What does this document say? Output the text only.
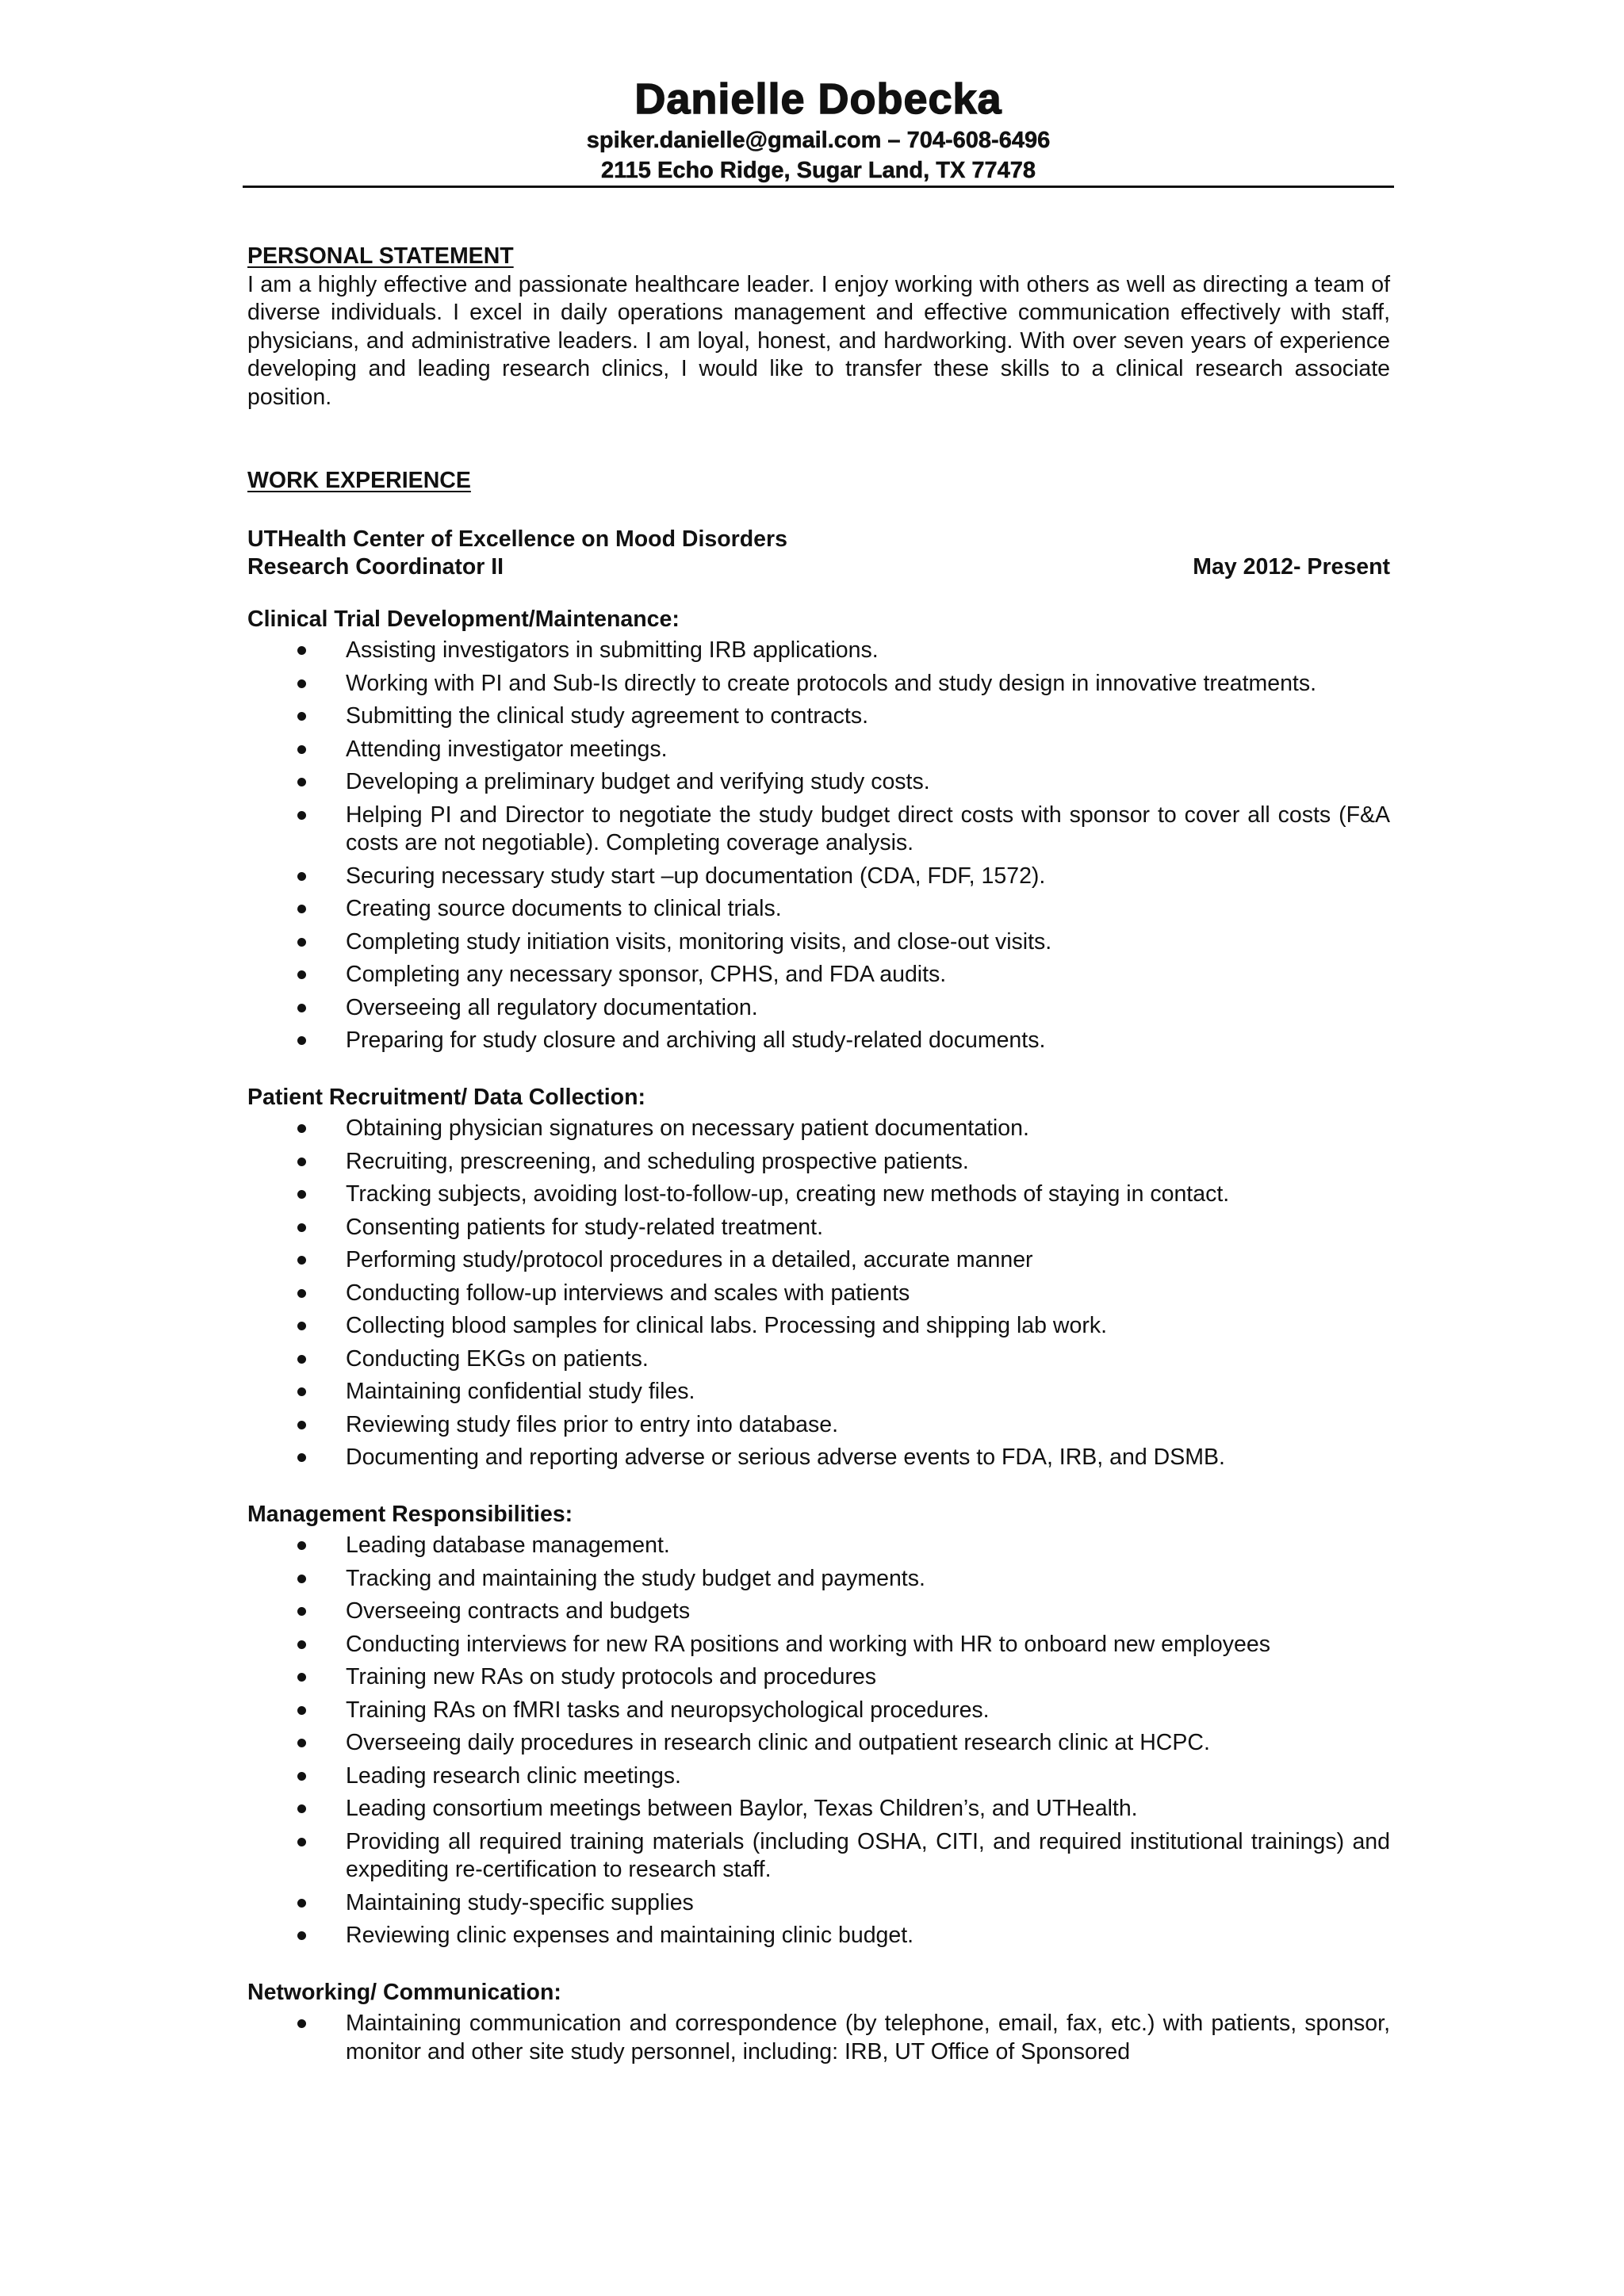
Danielle Dobecka
spiker.danielle@gmail.com – 704-608-6496
2115 Echo Ridge, Sugar Land, TX 77478
PERSONAL STATEMENT
I am a highly effective and passionate healthcare leader. I enjoy working with others as well as directing a team of diverse individuals. I excel in daily operations management and effective communication effectively with staff, physicians, and administrative leaders. I am loyal, honest, and hardworking. With over seven years of experience developing and leading research clinics, I would like to transfer these skills to a clinical research associate position.
WORK EXPERIENCE
UTHealth Center of Excellence on Mood Disorders
Research Coordinator II	May 2012- Present
Clinical Trial Development/Maintenance:
Assisting investigators in submitting IRB applications.
Working with PI and Sub-Is directly to create protocols and study design in innovative treatments.
Submitting the clinical study agreement to contracts.
Attending investigator meetings.
Developing a preliminary budget and verifying study costs.
Helping PI and Director to negotiate the study budget direct costs with sponsor to cover all costs (F&A costs are not negotiable). Completing coverage analysis.
Securing necessary study start –up documentation (CDA, FDF, 1572).
Creating source documents to clinical trials.
Completing study initiation visits, monitoring visits, and close-out visits.
Completing any necessary sponsor, CPHS, and FDA audits.
Overseeing all regulatory documentation.
Preparing for study closure and archiving all study-related documents.
Patient Recruitment/ Data Collection:
Obtaining physician signatures on necessary patient documentation.
Recruiting, prescreening, and scheduling prospective patients.
Tracking subjects, avoiding lost-to-follow-up, creating new methods of staying in contact.
Consenting patients for study-related treatment.
Performing study/protocol procedures in a detailed, accurate manner
Conducting follow-up interviews and scales with patients
Collecting blood samples for clinical labs. Processing and shipping lab work.
Conducting EKGs on patients.
Maintaining confidential study files.
Reviewing study files prior to entry into database.
Documenting and reporting adverse or serious adverse events to FDA, IRB, and DSMB.
Management Responsibilities:
Leading database management.
Tracking and maintaining the study budget and payments.
Overseeing contracts and budgets
Conducting interviews for new RA positions and working with HR to onboard new employees
Training new RAs on study protocols and procedures
Training RAs on fMRI tasks and neuropsychological procedures.
Overseeing daily procedures in research clinic and outpatient research clinic at HCPC.
Leading research clinic meetings.
Leading consortium meetings between Baylor, Texas Children’s, and UTHealth.
Providing all required training materials (including OSHA, CITI, and required institutional trainings) and expediting re-certification to research staff.
Maintaining study-specific supplies
Reviewing clinic expenses and maintaining clinic budget.
Networking/ Communication:
Maintaining communication and correspondence (by telephone, email, fax, etc.) with patients, sponsor, monitor and other site study personnel, including: IRB, UT Office of Sponsored
